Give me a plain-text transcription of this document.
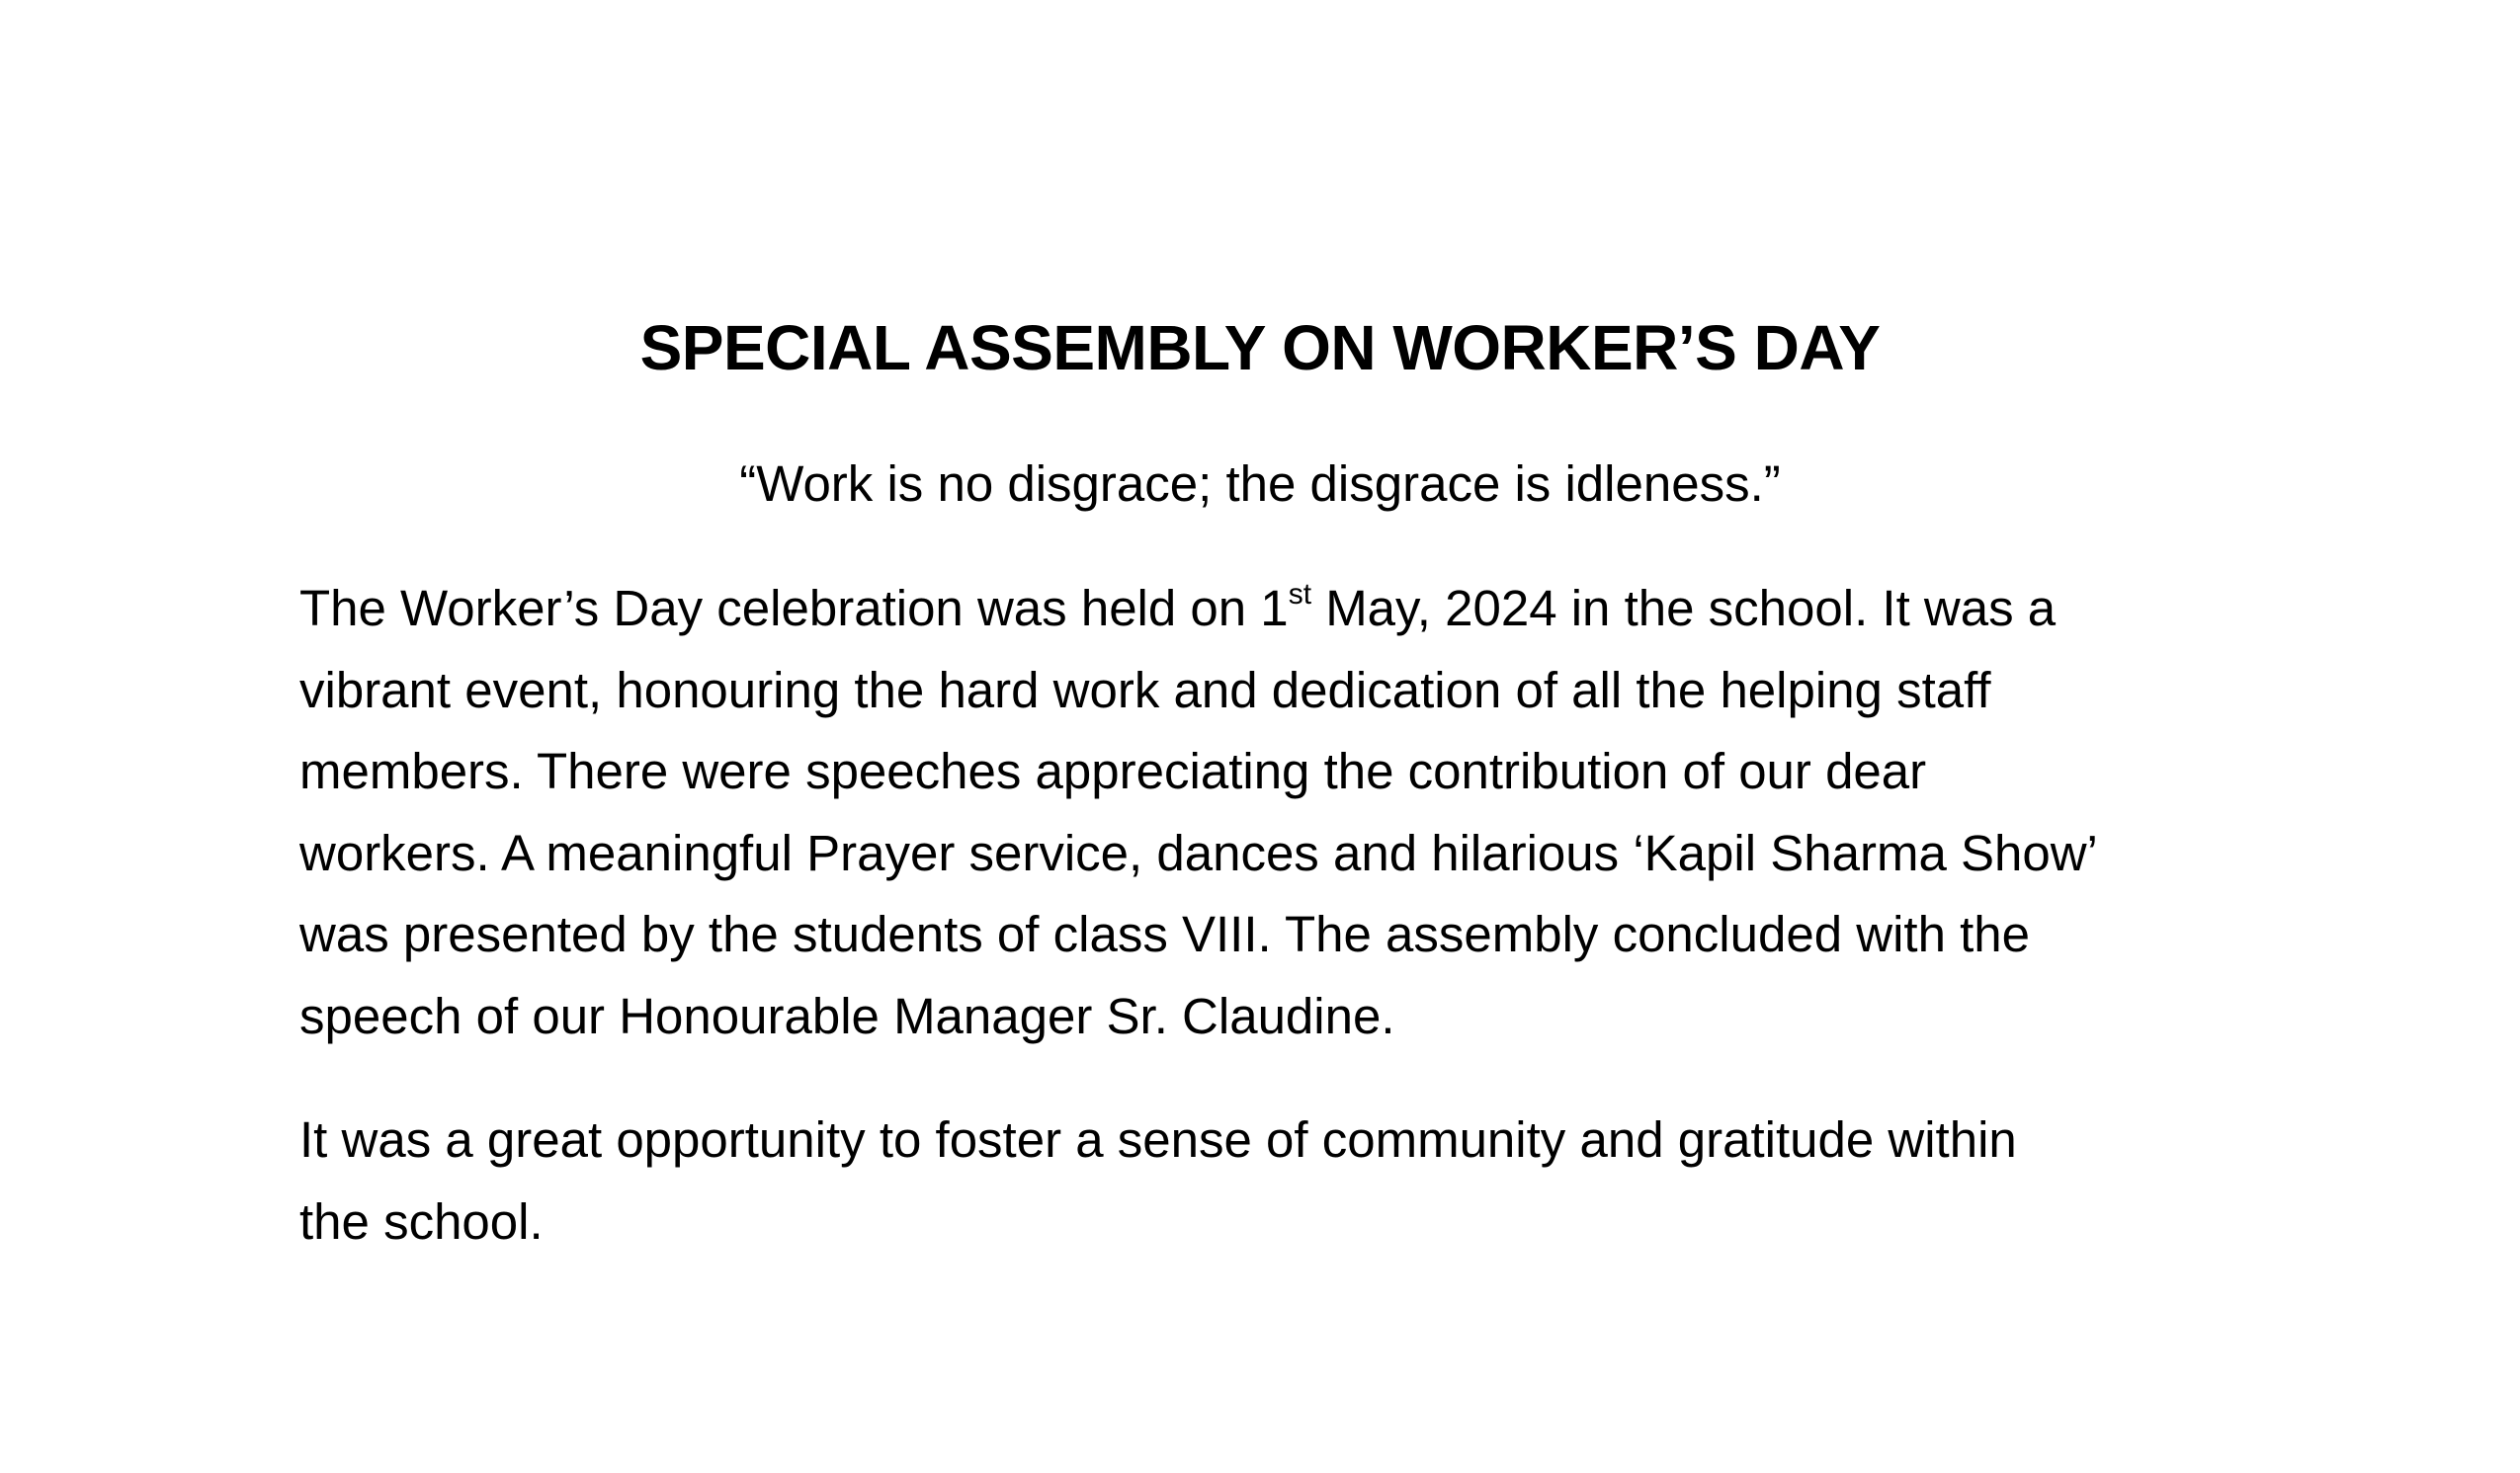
SPECIAL ASSEMBLY ON WORKER’S DAY

“Work is no disgrace; the disgrace is idleness.”

The Worker’s Day celebration was held on 1st May, 2024 in the school. It was a
vibrant event, honouring the hard work and dedication of all the helping staff
members. There were speeches appreciating the contribution of our dear
workers. A meaningful Prayer service, dances and hilarious ‘Kapil Sharma Show’
was presented by the students of class VIII. The assembly concluded with the
speech of our Honourable Manager Sr. Claudine.

It was a great opportunity to foster a sense of community and gratitude within
the school.
